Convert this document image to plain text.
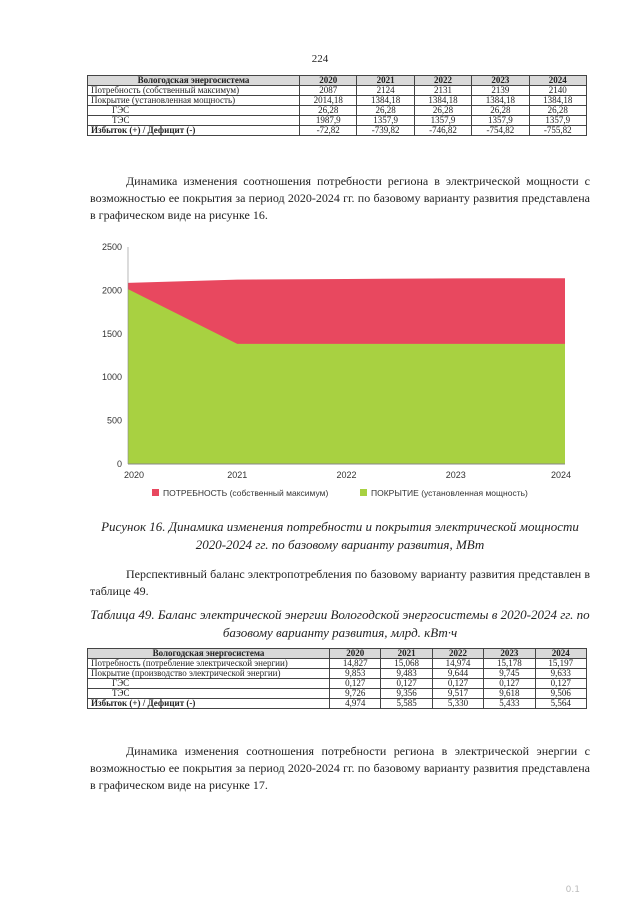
224
Вологодская энергосистема	2020	2021	2022	2023	2024
Потребность (собственный максимум)	2087	2124	2131	2139	2140
Покрытие (установленная мощность)	2014,18	1384,18	1384,18	1384,18	1384,18
ГЭС	26,28	26,28	26,28	26,28	26,28
ТЭС	1987,9	1357,9	1357,9	1357,9	1357,9
Избыток (+) / Дефицит (-)	-72,82	-739,82	-746,82	-754,82	-755,82
Динамика изменения соотношения потребности региона в электрической мощности с возможностью ее покрытия за период 2020-2024 гг. по базовому варианту развития представлена в графическом виде на рисунке 16.
0
500
1000
1500
2000
2500
2020	2021	2022	2023	2024
ПОТРЕБНОСТЬ (собственный максимум)	ПОКРЫТИЕ (установленная мощность)
Рисунок 16. Динамика изменения потребности и покрытия электрической мощности 2020-2024 гг. по базовому варианту развития, МВт
Перспективный баланс электропотребления по базовому варианту развития представлен в таблице 49.
Таблица 49. Баланс электрической энергии Вологодской энергосистемы в 2020-2024 гг. по базовому варианту развития, млрд. кВт·ч
Вологодская энергосистема	2020	2021	2022	2023	2024
Потребность (потребление электрической энергии)	14,827	15,068	14,974	15,178	15,197
Покрытие (производство электрической энергии)	9,853	9,483	9,644	9,745	9,633
ГЭС	0,127	0,127	0,127	0,127	0,127
ТЭС	9,726	9,356	9,517	9,618	9,506
Избыток (+) / Дефицит (-)	4,974	5,585	5,330	5,433	5,564
Динамика изменения соотношения потребности региона в электрической энергии с возможностью ее покрытия за период 2020-2024 гг. по базовому варианту развития представлена в графическом виде на рисунке 17.
0.1
